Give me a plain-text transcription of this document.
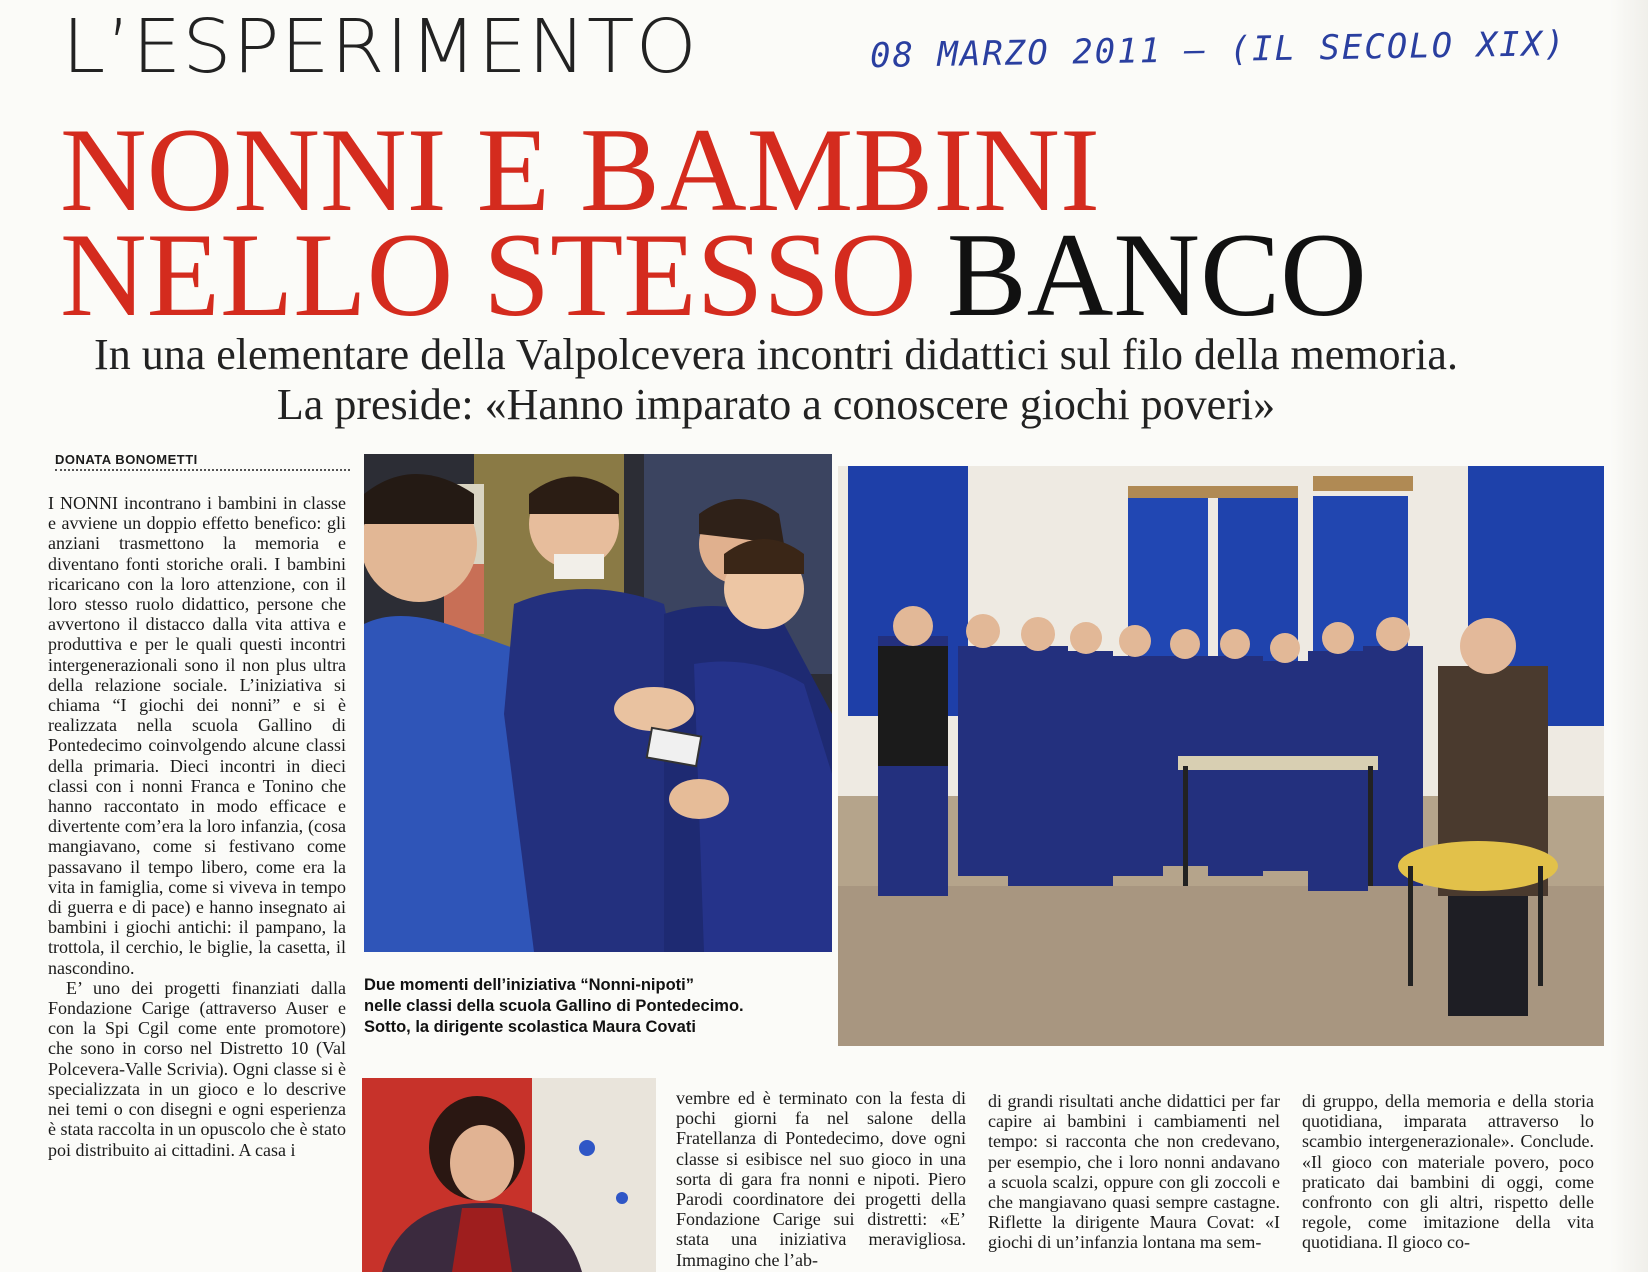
L’ESPERIMENTO	08 MARZO 2011 – (IL SECOLO XIX)
NONNI E BAMBINI
NELLO STESSO BANCO
In una elementare della Valpolcevera incontri didattici sul filo della memoria. La preside: «Hanno imparato a conoscere giochi poveri»
DONATA BONOMETTI

I NONNI incontrano i bambini in classe e avviene un doppio effetto benefico: gli anziani trasmettono la memoria e diventano fonti storiche orali. I bambini ricaricano con la loro attenzione, con il loro stesso ruolo didattico, persone che avvertono il distacco dalla vita attiva e produttiva e per le quali questi incontri intergenerazionali sono il non plus ultra della relazione sociale. L’iniziativa si chiama “I giochi dei nonni” e si è realizzata nella scuola Gallino di Pontedecimo coinvolgendo alcune classi della primaria. Dieci incontri in dieci classi con i nonni Franca e Tonino che hanno raccontato in modo efficace e divertente com’era la loro infanzia, (cosa mangiavano, come si festivano come passavano il tempo libero, come era la vita in famiglia, come si viveva in tempo di guerra e di pace) e hanno insegnato ai bambini i giochi antichi: il pampano, la trottola, il cerchio, le biglie, la casetta, il nascondino.

E’ uno dei progetti finanziati dalla Fondazione Carige (attraverso Auser e con la Spi Cgil come ente promotore) che sono in corso nel Distretto 10 (Val Polcevera-Valle Scrivia). Ogni classe si è specializzata in un gioco e lo descrive nei temi o con disegni e ogni esperienza è stata raccolta in un opuscolo che è stato poi distribuito ai cittadini. A casa i

Due momenti dell’iniziativa “Nonni-nipoti”
nelle classi della scuola Gallino di Pontedecimo.
Sotto, la dirigente scolastica Maura Covati

vembre ed è terminato con la festa di pochi giorni fa nel salone della Fratellanza di Pontedecimo, dove ogni classe si esibisce nel suo gioco in una sorta di gara fra nonni e nipoti. Piero Parodi coordinatore dei progetti della Fondazione Carige sui distretti: «E’ stata una iniziativa meravigliosa. Immagino che l’ab-

di grandi risultati anche didattici per far capire ai bambini i cambiamenti nel tempo: si racconta che non credevano, per esempio, che i loro nonni andavano a scuola scalzi, oppure con gli zoccoli e che mangiavano quasi sempre castagne. Riflette la dirigente Maura Covat: «I giochi di un’infanzia lontana ma sem-

di gruppo, della memoria e della storia quotidiana, imparata attraverso lo scambio intergenerazionale». Conclude. «Il gioco con materiale povero, poco praticato dai bambini di oggi, come confronto con gli altri, rispetto delle regole, come imitazione della vita quotidiana. Il gioco co-
